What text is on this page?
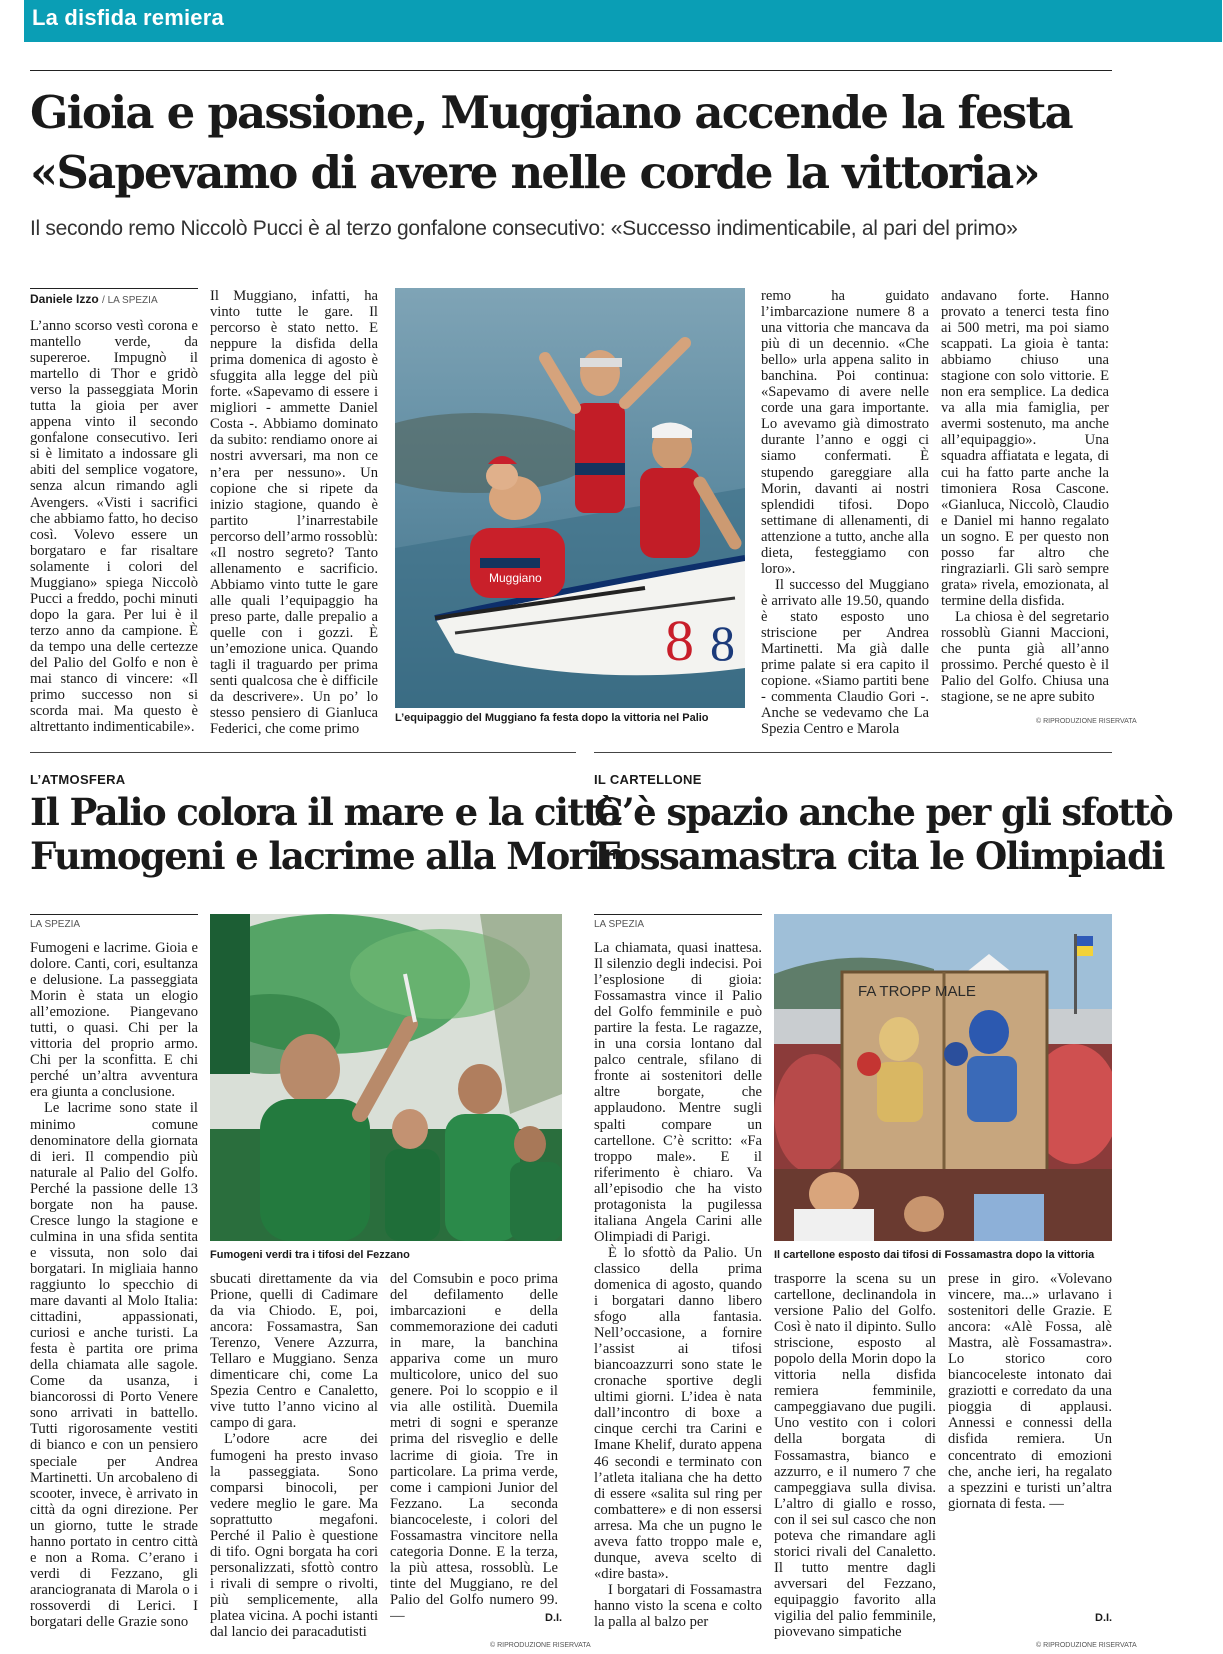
La disfida remiera
Gioia e passione, Muggiano accende la festa
«Sapevamo di avere nelle corde la vittoria»
Il secondo remo Niccolò Pucci è al terzo gonfalone consecutivo: «Successo indimenticabile, al pari del primo»
Daniele Izzo / LA SPEZIA

L’anno scorso vestì corona e mantello verde, da supereroe. Impugnò il martello di Thor e gridò verso la passeggiata Morin tutta la gioia per aver appena vinto il secondo gonfalone consecutivo. Ieri si è limitato a indossare gli abiti del semplice vogatore, senza alcun rimando agli Avengers. «Visti i sacrifici che abbiamo fatto, ho deciso così. Volevo essere un borgataro e far risaltare solamente i colori del Muggiano» spiega Niccolò Pucci a freddo, pochi minuti dopo la gara. Per lui è il terzo anno da campione. È da tempo una delle certezze del Palio del Golfo e non è mai stanco di vincere: «Il primo successo non si scorda mai. Ma questo è altrettanto indimenticabile».

Il Muggiano, infatti, ha vinto tutte le gare. Il percorso è stato netto. E neppure la disfida della prima domenica di agosto è sfuggita alla legge del più forte. «Sapevamo di essere i migliori - ammette Daniel Costa -. Abbiamo dominato da subito: rendiamo onore ai nostri avversari, ma non ce n’era per nessuno». Un copione che si ripete da inizio stagione, quando è partito l’inarrestabile percorso dell’armo rossoblù: «Il nostro segreto? Tanto allenamento e sacrificio. Abbiamo vinto tutte le gare alle quali l’equipaggio ha preso parte, dalle prepalio a quelle con i gozzi. È un’emozione unica. Quando tagli il traguardo per prima senti qualcosa che è difficile da descrivere». Un po’ lo stesso pensiero di Gianluca Federici, che come primo

remo ha guidato l’imbarcazione numere 8 a una vittoria che mancava da più di un decennio. «Che bello» urla appena salito in banchina. Poi continua: «Sapevamo di avere nelle corde una gara importante. Lo avevamo già dimostrato durante l’anno e oggi ci siamo confermati. È stupendo gareggiare alla Morin, davanti ai nostri splendidi tifosi. Dopo settimane di allenamenti, di attenzione a tutto, anche alla dieta, festeggiamo con loro».

Il successo del Muggiano è arrivato alle 19.50, quando è stato esposto uno striscione per Andrea Martinetti. Ma già dalle prime palate si era capito il copione. «Siamo partiti bene - commenta Claudio Gori -. Anche se vedevamo che La Spezia Centro e Marola

andavano forte. Hanno provato a tenerci testa fino ai 500 metri, ma poi siamo scappati. La gioia è tanta: abbiamo chiuso una stagione con solo vittorie. E non era semplice. La dedica va alla mia famiglia, per avermi sostenuto, ma anche all’equipaggio». Una squadra affiatata e legata, di cui ha fatto parte anche la timoniera Rosa Cascone. «Gianluca, Niccolò, Claudio e Daniel mi hanno regalato un sogno. E per questo non posso far altro che ringraziarli. Gli sarò sempre grata» rivela, emozionata, al termine della disfida.

La chiosa è del segretario rossoblù Gianni Maccioni, che punta già all’anno prossimo. Perché questo è il Palio del Golfo. Chiusa una stagione, se ne apre subito

© RIPRODUZIONE RISERVATA
8 8
Muggiano
L’equipaggio del Muggiano fa festa dopo la vittoria nel Palio
L’ATMOSFERA
Il Palio colora il mare e la città
Fumogeni e lacrime alla Morin
LA SPEZIA

Fumogeni e lacrime. Gioia e dolore. Canti, cori, esultanza e delusione. La passeggiata Morin è stata un elogio all’emozione. Piangevano tutti, o quasi. Chi per la vittoria del proprio armo. Chi per la sconfitta. E chi perché un’altra avventura era giunta a conclusione.

Le lacrime sono state il minimo comune denominatore della giornata di ieri. Il compendio più naturale al Palio del Golfo. Perché la passione delle 13 borgate non ha pause. Cresce lungo la stagione e culmina in una sfida sentita e vissuta, non solo dai borgatari. In migliaia hanno raggiunto lo specchio di mare davanti al Molo Italia: cittadini, appassionati, curiosi e anche turisti. La festa è partita ore prima della chiamata alle sagole. Come da usanza, i biancorossi di Porto Venere sono arrivati in battello. Tutti rigorosamente vestiti di bianco e con un pensiero speciale per Andrea Martinetti. Un arcobaleno di scooter, invece, è arrivato in città da ogni direzione. Per un giorno, tutte le strade hanno portato in centro città e non a Roma. C’erano i verdi di Fezzano, gli aranciogranata di Marola o i rossoverdi di Lerici. I borgatari delle Grazie sono

sbucati direttamente da via Prione, quelli di Cadimare da via Chiodo. E, poi, ancora: Fossamastra, San Terenzo, Venere Azzurra, Tellaro e Muggiano. Senza dimenticare chi, come La Spezia Centro e Canaletto, vive tutto l’anno vicino al campo di gara.

L’odore acre dei fumogeni ha presto invaso la passeggiata. Sono comparsi binocoli, per vedere meglio le gare. Ma soprattutto megafoni. Perché il Palio è questione di tifo. Ogni borgata ha cori personalizzati, sfottò contro i rivali di sempre o rivolti, più semplicemente, alla platea vicina. A pochi istanti dal lancio dei paracadutisti

del Comsubin e poco prima del defilamento delle imbarcazioni e della commemorazione dei caduti in mare, la banchina appariva come un muro multicolore, unico del suo genere. Poi lo scoppio e il via alle ostilità. Duemila metri di sogni e speranze prima del risveglio e delle lacrime di gioia. Tre in particolare. La prima verde, come i campioni Junior del Fezzano. La seconda biancoceleste, i colori del Fossamastra vincitore nella categoria Donne. E la terza, la più attesa, rossoblù. Le tinte del Muggiano, re del Palio del Golfo numero 99. —	D.I.
© RIPRODUZIONE RISERVATA
Fumogeni verdi tra i tifosi del Fezzano
IL CARTELLONE
C’è spazio anche per gli sfottò
Fossamastra cita le Olimpiadi
LA SPEZIA

La chiamata, quasi inattesa. Il silenzio degli indecisi. Poi l’esplosione di gioia: Fossamastra vince il Palio del Golfo femminile e può partire la festa. Le ragazze, in una corsia lontano dal palco centrale, sfilano di fronte ai sostenitori delle altre borgate, che applaudono. Mentre sugli spalti compare un cartellone. C’è scritto: «Fa troppo male». E il riferimento è chiaro. Va all’episodio che ha visto protagonista la pugilessa italiana Angela Carini alle Olimpiadi di Parigi.

È lo sfottò da Palio. Un classico della prima domenica di agosto, quando i borgatari danno libero sfogo alla fantasia. Nell’occasione, a fornire l’assist ai tifosi biancoazzurri sono state le cronache sportive degli ultimi giorni. L’idea è nata dall’incontro di boxe a cinque cerchi tra Carini e Imane Khelif, durato appena 46 secondi e terminato con l’atleta italiana che ha detto di essere «salita sul ring per combattere» e di non essersi arresa. Ma che un pugno le aveva fatto troppo male e, dunque, aveva scelto di «dire basta».

I borgatari di Fossamastra hanno visto la scena e colto la palla al balzo per

trasporre la scena su un cartellone, declinandola in versione Palio del Golfo. Così è nato il dipinto. Sullo striscione, esposto al popolo della Morin dopo la vittoria nella disfida remiera femminile, campeggiavano due pugili. Uno vestito con i colori della borgata di Fossamastra, bianco e azzurro, e il numero 7 che campeggiava sulla divisa. L’altro di giallo e rosso, con il sei sul casco che non poteva che rimandare agli storici rivali del Canaletto. Il tutto mentre dagli avversari del Fezzano, equipaggio favorito alla vigilia del palio femminile, piovevano simpatiche

prese in giro. «Volevano vincere, ma...» urlavano i sostenitori delle Grazie. E ancora: «Alè Fossa, alè Mastra, alè Fossamastra». Lo storico coro biancoceleste intonato dai graziotti e corredato da una pioggia di applausi. Annessi e connessi della disfida remiera. Un concentrato di emozioni che, anche ieri, ha regalato a spezzini e turisti un’altra giornata di festa. —

D.I.
© RIPRODUZIONE RISERVATA
FA TROPP MALE
Il cartellone esposto dai tifosi di Fossamastra dopo la vittoria
